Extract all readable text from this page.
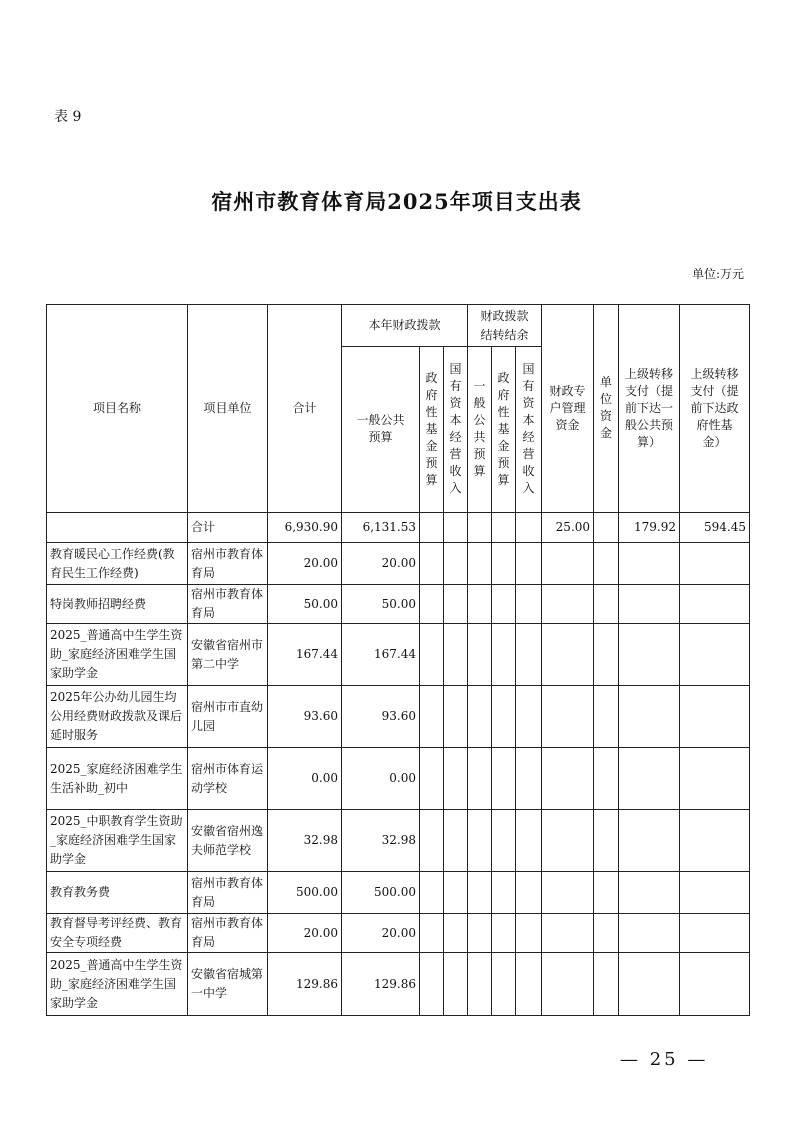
表 9
宿州市教育体育局2025年项目支出表
单位:万元
项目名称	项目单位	合计	本年财政拨款			财政拨款结转结余			财政专户管理资金	单位资金	上级转移支付（提前下达一般公共预算）	上级转移支付（提前下达政府性基金）
			一般公共预算	政府性基金预算	国有资本经营收入	一般公共预算	政府性基金预算	国有资本经营收入				
	合计	6,930.90	6,131.53						25.00		179.92	594.45
教育暖民心工作经费(教育民生工作经费)	宿州市教育体育局	20.00	20.00									
特岗教师招聘经费	宿州市教育体育局	50.00	50.00									
2025_普通高中生学生资助_家庭经济困难学生国家助学金	安徽省宿州市第二中学	167.44	167.44									
2025年公办幼儿园生均公用经费财政拨款及课后延时服务	宿州市市直幼儿园	93.60	93.60									
2025_家庭经济困难学生生活补助_初中	宿州市体育运动学校	0.00	0.00									
2025_中职教育学生资助_家庭经济困难学生国家助学金	安徽省宿州逸夫师范学校	32.98	32.98									
教育教务费	宿州市教育体育局	500.00	500.00									
教育督导考评经费、教育安全专项经费	宿州市教育体育局	20.00	20.00									
2025_普通高中生学生资助_家庭经济困难学生国家助学金	安徽省宿城第一中学	129.86	129.86									
— 25 —
